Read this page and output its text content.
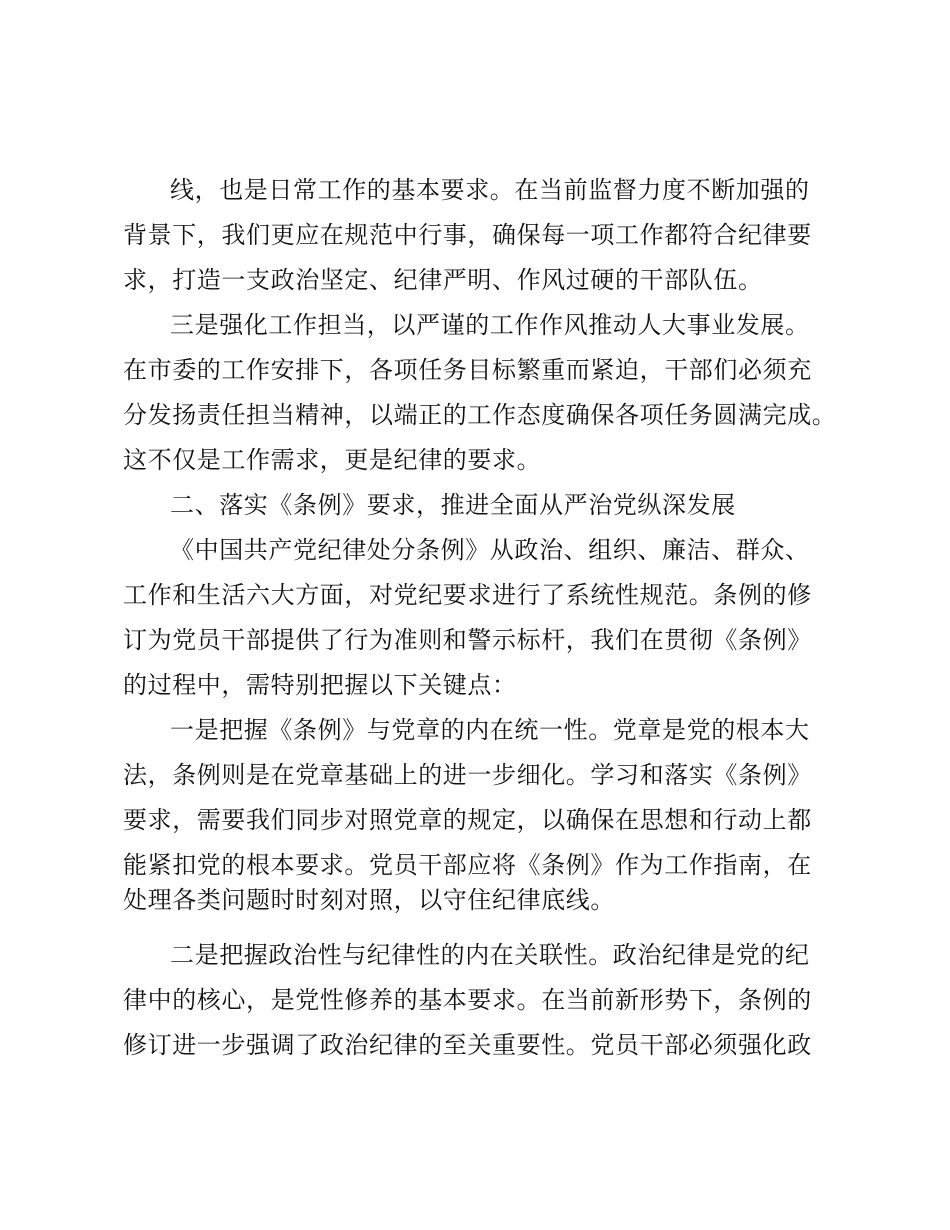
线，也是日常工作的基本要求。在当前监督力度不断加强的
背景下，我们更应在规范中行事，确保每一项工作都符合纪律要
求，打造一支政治坚定、纪律严明、作风过硬的干部队伍。
三是强化工作担当，以严谨的工作作风推动人大事业发展。
在市委的工作安排下，各项任务目标繁重而紧迫，干部们必须充
分发扬责任担当精神，以端正的工作态度确保各项任务圆满完成。
这不仅是工作需求，更是纪律的要求。
二、落实《条例》要求，推进全面从严治党纵深发展
《中国共产党纪律处分条例》从政治、组织、廉洁、群众、
工作和生活六大方面，对党纪要求进行了系统性规范。条例的修
订为党员干部提供了行为准则和警示标杆，我们在贯彻《条例》
的过程中，需特别把握以下关键点：
一是把握《条例》与党章的内在统一性。党章是党的根本大
法，条例则是在党章基础上的进一步细化。学习和落实《条例》
要求，需要我们同步对照党章的规定，以确保在思想和行动上都
能紧扣党的根本要求。党员干部应将《条例》作为工作指南，在
处理各类问题时时刻对照，以守住纪律底线。
二是把握政治性与纪律性的内在关联性。政治纪律是党的纪
律中的核心，是党性修养的基本要求。在当前新形势下，条例的
修订进一步强调了政治纪律的至关重要性。党员干部必须强化政
